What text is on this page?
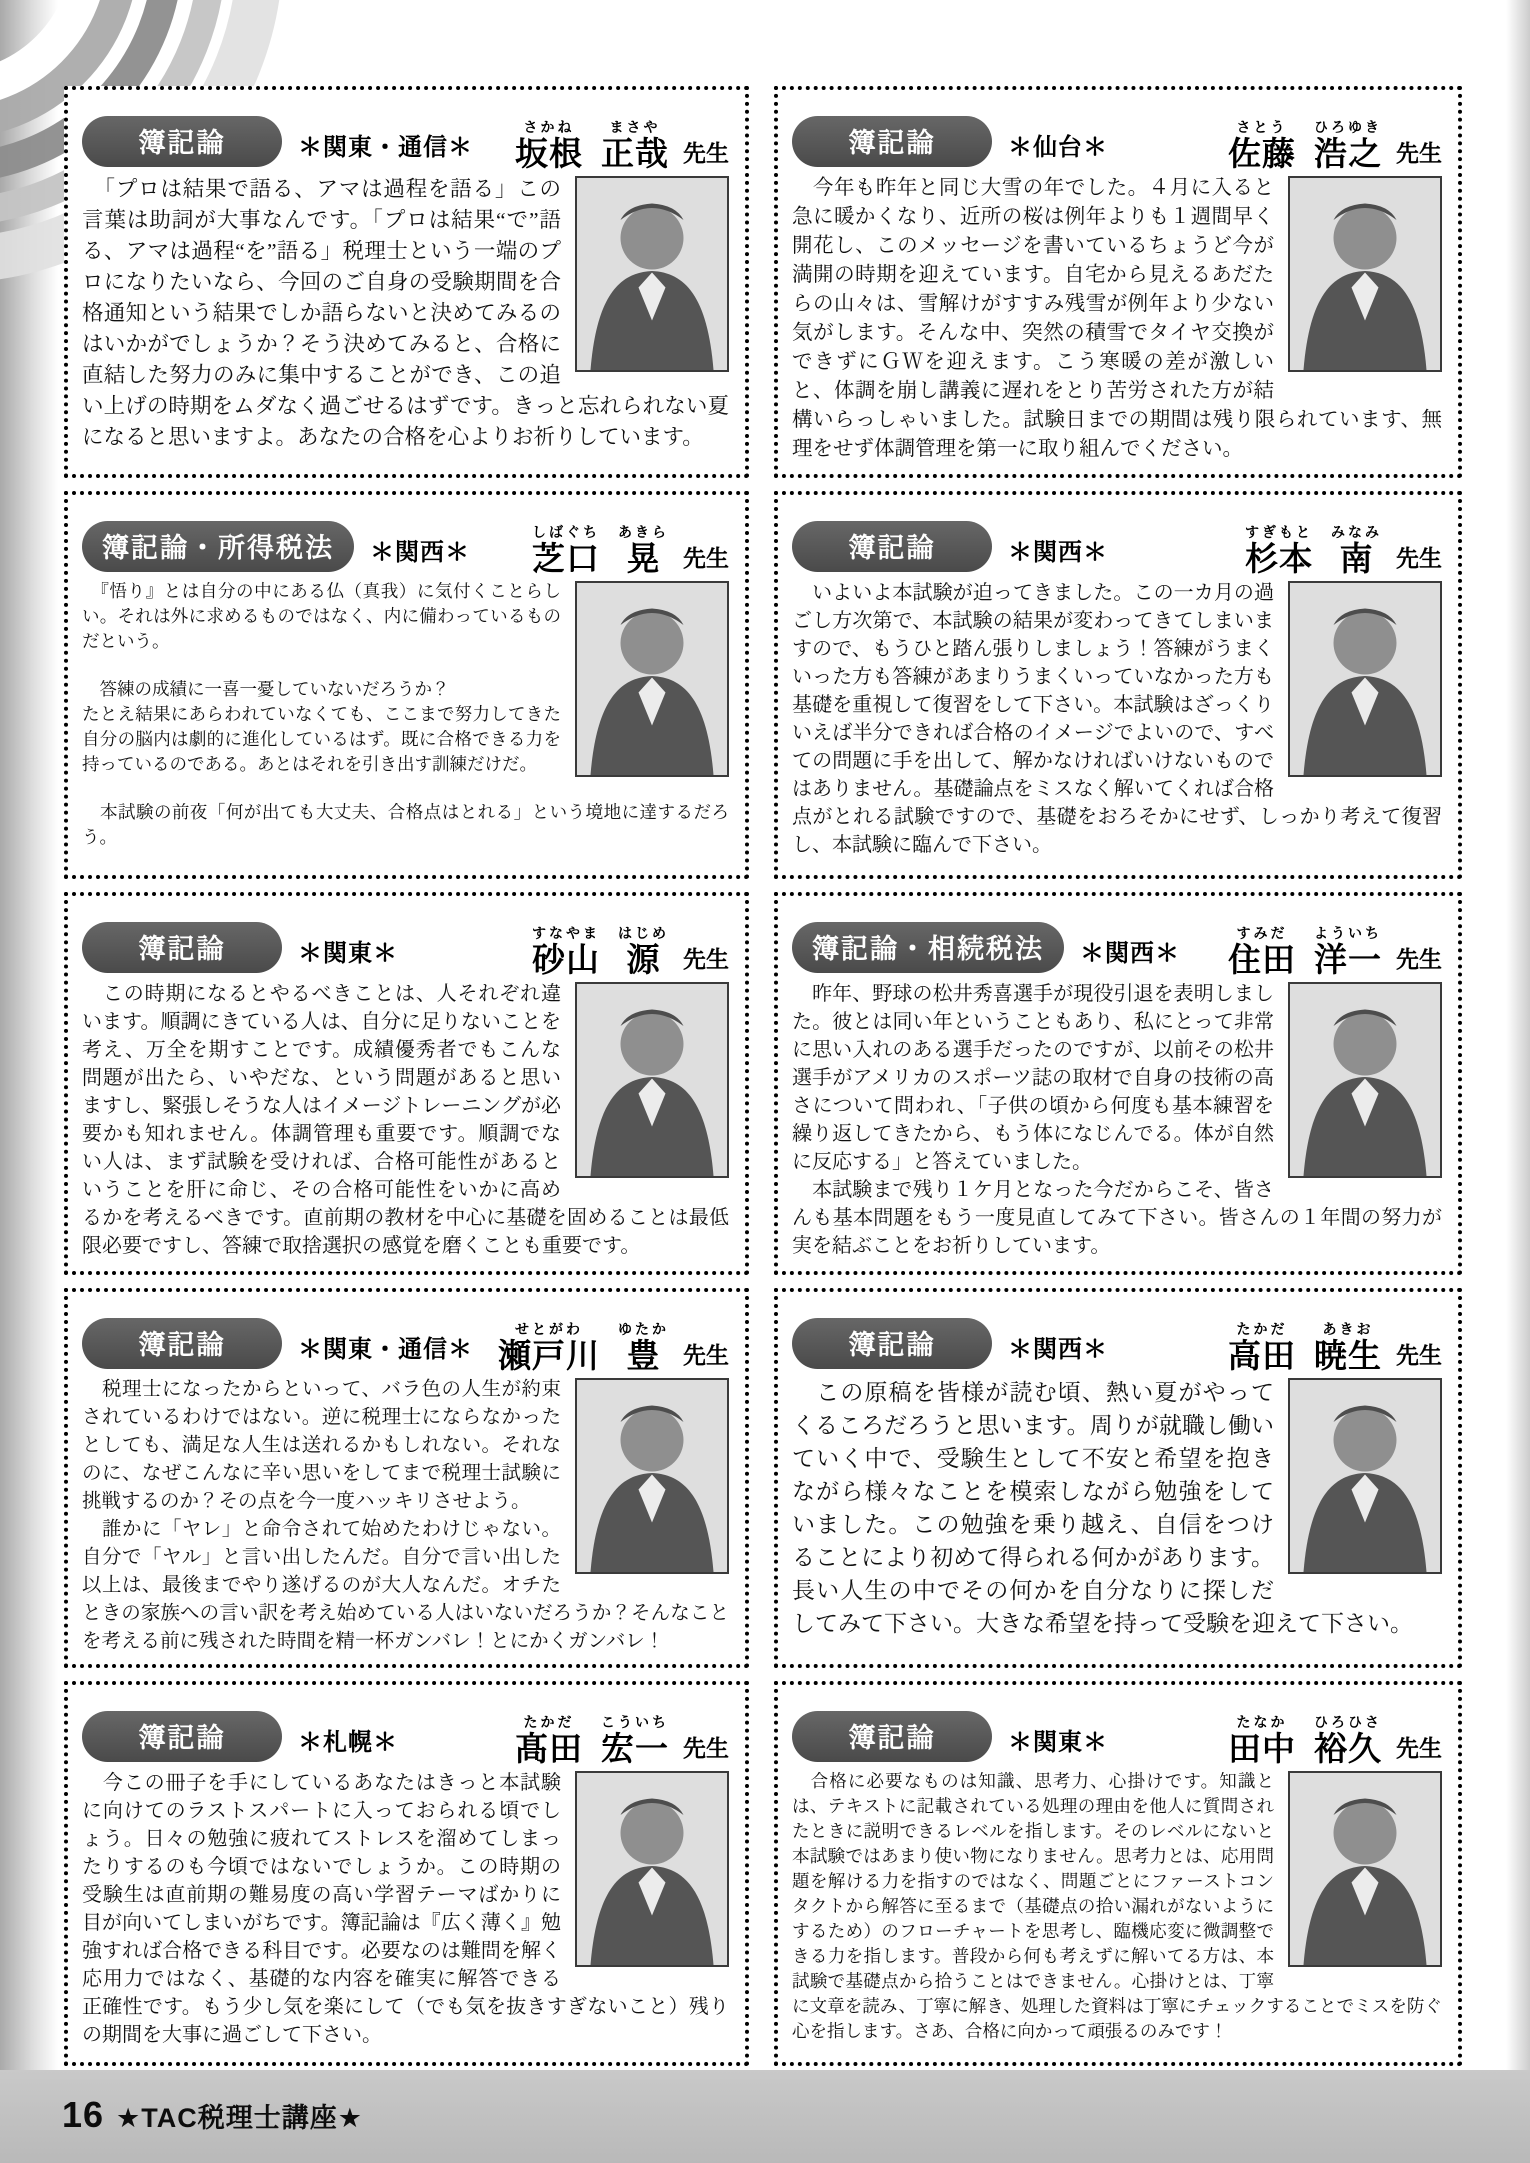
簿記論	＊関東・通信＊
さかね
坂根
まさや
正哉 先生

　「プロは結果で語る、アマは過程を語る」この言葉は助詞が大事なんです。「プロは結果“で”語る、アマは過程“を”語る」税理士という一端のプロになりたいなら、今回のご自身の受験期間を合格通知という結果でしか語らないと決めてみるのはいかがでしょうか？そう決めてみると、合格に直結した努力のみに集中することができ、この追い上げの時期をムダなく過ごせるはずです。きっと忘れられない夏になると思いますよ。あなたの合格を心よりお祈りしています。

簿記論	＊仙台＊
さとう
佐藤
ひろゆき
浩之 先生

　今年も昨年と同じ大雪の年でした。４月に入ると急に暖かくなり、近所の桜は例年よりも１週間早く開花し、このメッセージを書いているちょうど今が満開の時期を迎えています。自宅から見えるあだたらの山々は、雪解けがすすみ残雪が例年より少ない気がします。そんな中、突然の積雪でタイヤ交換ができずにＧＷを迎えます。こう寒暖の差が激しいと、体調を崩し講義に遅れをとり苦労された方が結構いらっしゃいました。試験日までの期間は残り限られています、無理をせず体調管理を第一に取り組んでください。

簿記論・所得税法	＊関西＊
しばぐち
芝口
あきら
晃 先生

　『悟り』とは自分の中にある仏（真我）に気付くことらしい。それは外に求めるものではなく、内に備わっているものだという。

　答練の成績に一喜一憂していないだろうか？

たとえ結果にあらわれていなくても、ここまで努力してきた自分の脳内は劇的に進化しているはず。既に合格できる力を持っているのである。あとはそれを引き出す訓練だけだ。

　本試験の前夜「何が出ても大丈夫、合格点はとれる」という境地に達するだろう。

簿記論	＊関西＊
すぎもと
杉本
みなみ
南 先生

　いよいよ本試験が迫ってきました。この一カ月の過ごし方次第で、本試験の結果が変わってきてしまいますので、もうひと踏ん張りしましょう！答練がうまくいった方も答練があまりうまくいっていなかった方も基礎を重視して復習をして下さい。本試験はざっくりいえば半分できれば合格のイメージでよいので、すべての問題に手を出して、解かなければいけないものではありません。基礎論点をミスなく解いてくれば合格点がとれる試験ですので、基礎をおろそかにせず、しっかり考えて復習し、本試験に臨んで下さい。

簿記論	＊関東＊
すなやま
砂山
はじめ
源 先生

　この時期になるとやるべきことは、人それぞれ違います。順調にきている人は、自分に足りないことを考え、万全を期すことです。成績優秀者でもこんな問題が出たら、いやだな、という問題があると思いますし、緊張しそうな人はイメージトレーニングが必要かも知れません。体調管理も重要です。順調でない人は、まず試験を受ければ、合格可能性があるということを肝に命じ、その合格可能性をいかに高めるかを考えるべきです。直前期の教材を中心に基礎を固めることは最低限必要ですし、答練で取捨選択の感覚を磨くことも重要です。

簿記論・相続税法	＊関西＊
すみだ
住田
よういち
洋一 先生

　昨年、野球の松井秀喜選手が現役引退を表明しました。彼とは同い年ということもあり、私にとって非常に思い入れのある選手だったのですが、以前その松井選手がアメリカのスポーツ誌の取材で自身の技術の高さについて問われ、「子供の頃から何度も基本練習を繰り返してきたから、もう体になじんでる。体が自然に反応する」と答えていました。

　本試験まで残り１ケ月となった今だからこそ、皆さんも基本問題をもう一度見直してみて下さい。皆さんの１年間の努力が実を結ぶことをお祈りしています。

簿記論	＊関東・通信＊
せとがわ
瀬戸川
ゆたか
豊 先生

　税理士になったからといって、バラ色の人生が約束されているわけではない。逆に税理士にならなかったとしても、満足な人生は送れるかもしれない。それなのに、なぜこんなに辛い思いをしてまで税理士試験に挑戦するのか？その点を今一度ハッキリさせよう。

　誰かに「ヤレ」と命令されて始めたわけじゃない。自分で「ヤル」と言い出したんだ。自分で言い出した以上は、最後までやり遂げるのが大人なんだ。オチたときの家族への言い訳を考え始めている人はいないだろうか？そんなことを考える前に残された時間を精一杯ガンバレ！とにかくガンバレ！

簿記論	＊関西＊
たかだ
高田
あきお
暁生 先生

　この原稿を皆様が読む頃、熱い夏がやってくるころだろうと思います。周りが就職し働いていく中で、受験生として不安と希望を抱きながら様々なことを模索しながら勉強をしていました。この勉強を乗り越え、自信をつけることにより初めて得られる何かがあります。長い人生の中でその何かを自分なりに探しだしてみて下さい。大きな希望を持って受験を迎えて下さい。

簿記論	＊札幌＊
たかだ
髙田
こういち
宏一 先生

　今この冊子を手にしているあなたはきっと本試験に向けてのラストスパートに入っておられる頃でしょう。日々の勉強に疲れてストレスを溜めてしまったりするのも今頃ではないでしょうか。この時期の受験生は直前期の難易度の高い学習テーマばかりに目が向いてしまいがちです。簿記論は『広く薄く』勉強すれば合格できる科目です。必要なのは難問を解く応用力ではなく、基礎的な内容を確実に解答できる正確性です。もう少し気を楽にして（でも気を抜きすぎないこと）残りの期間を大事に過ごして下さい。

簿記論	＊関東＊
たなか
田中
ひろひさ
裕久 先生

　合格に必要なものは知識、思考力、心掛けです。知識とは、テキストに記載されている処理の理由を他人に質問されたときに説明できるレベルを指します。そのレベルにないと本試験ではあまり使い物になりません。思考力とは、応用問題を解ける力を指すのではなく、問題ごとにファーストコンタクトから解答に至るまで（基礎点の拾い漏れがないようにするため）のフローチャートを思考し、臨機応変に微調整できる力を指します。普段から何も考えずに解いてる方は、本試験で基礎点から拾うことはできません。心掛けとは、丁寧に文章を読み、丁寧に解き、処理した資料は丁寧にチェックすることでミスを防ぐ心を指します。さあ、合格に向かって頑張るのみです！

16 ★TAC税理士講座★
